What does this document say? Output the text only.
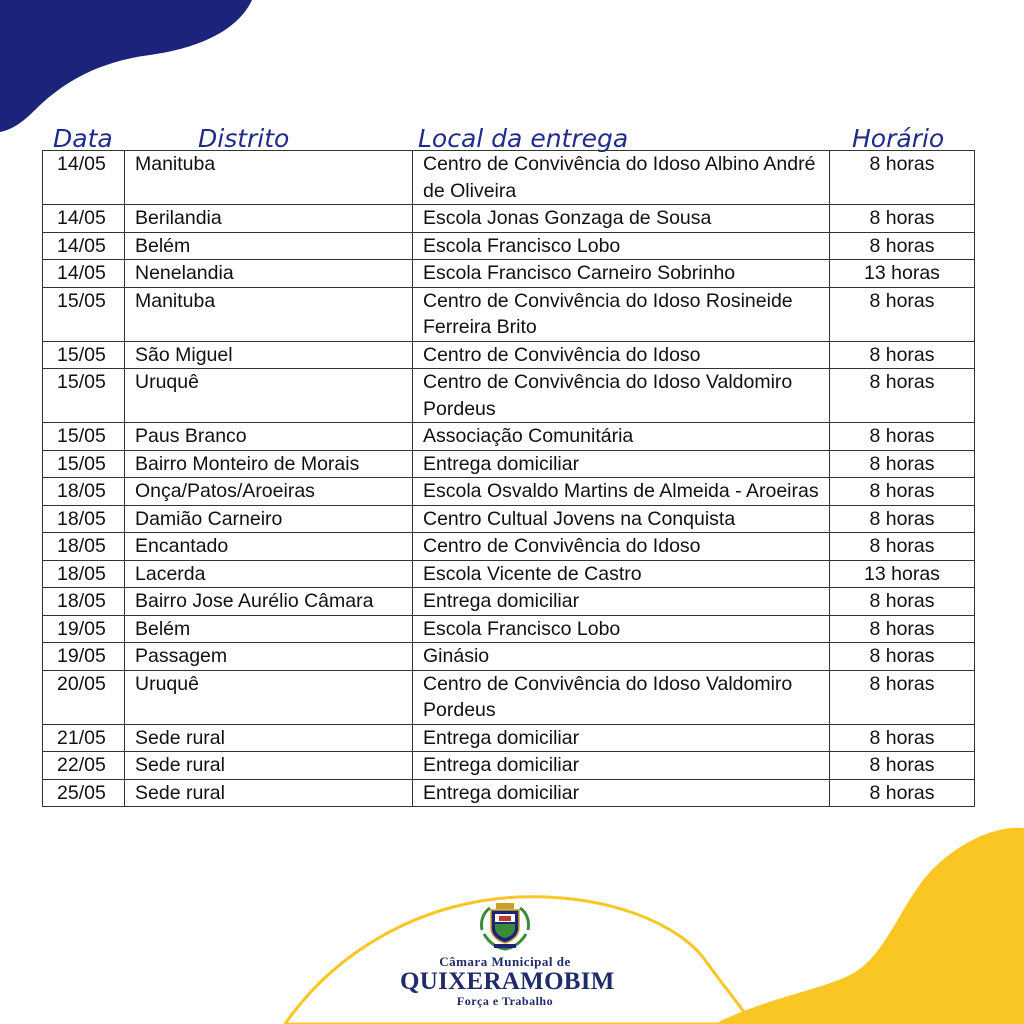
Data	Distrito	Local da entrega	Horário
14/05	Manituba	Centro de Convivência do Idoso Albino André de Oliveira	8 horas
14/05	Berilandia	Escola Jonas Gonzaga de Sousa	8 horas
14/05	Belém	Escola Francisco Lobo	8 horas
14/05	Nenelandia	Escola Francisco Carneiro Sobrinho	13 horas
15/05	Manituba	Centro de Convivência do Idoso Rosineide Ferreira Brito	8 horas
15/05	São Miguel	Centro de Convivência do Idoso	8 horas
15/05	Uruquê	Centro de Convivência do Idoso Valdomiro Pordeus	8 horas
15/05	Paus Branco	Associação Comunitária	8 horas
15/05	Bairro Monteiro de Morais	Entrega domiciliar	8 horas
18/05	Onça/Patos/Aroeiras	Escola Osvaldo Martins de Almeida - Aroeiras	8 horas
18/05	Damião Carneiro	Centro Cultual Jovens na Conquista	8 horas
18/05	Encantado	Centro de Convivência do Idoso	8 horas
18/05	Lacerda	Escola Vicente de Castro	13 horas
18/05	Bairro Jose Aurélio Câmara	Entrega domiciliar	8 horas
19/05	Belém	Escola Francisco Lobo	8 horas
19/05	Passagem	Ginásio	8 horas
20/05	Uruquê	Centro de Convivência do Idoso Valdomiro Pordeus	8 horas
21/05	Sede rural	Entrega domiciliar	8 horas
22/05	Sede rural	Entrega domiciliar	8 horas
25/05	Sede rural	Entrega domiciliar	8 horas
Câmara Municipal de
QUIXERAMOBIM
Força e Trabalho
